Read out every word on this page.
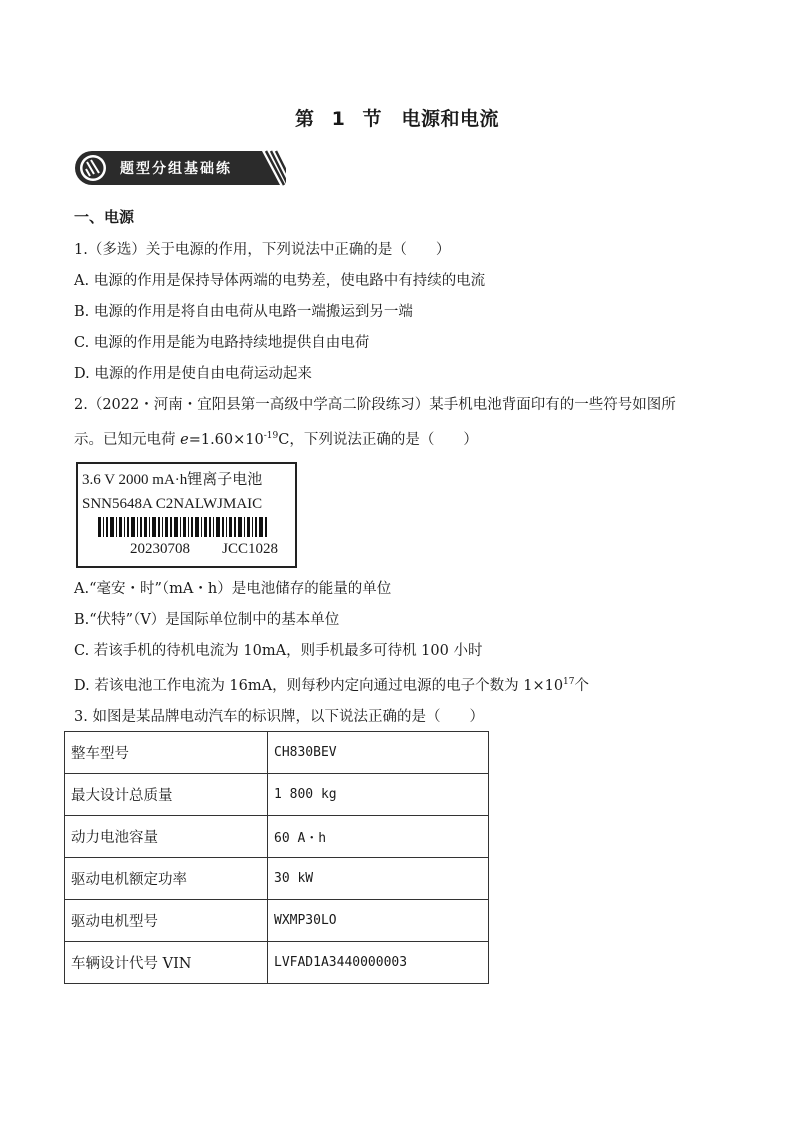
第 1 节　电源和电流
题型分组基础练
一、电源
1.（多选）关于电源的作用，下列说法中正确的是（　　）
A. 电源的作用是保持导体两端的电势差，使电路中有持续的电流
B. 电源的作用是将自由电荷从电路一端搬运到另一端
C. 电源的作用是能为电路持续地提供自由电荷
D. 电源的作用是使自由电荷运动起来
2.（2022・河南・宜阳县第一高级中学高二阶段练习）某手机电池背面印有的一些符号如图所
示。已知元电荷 $e=1.60\times 10^{-19}C$，下列说法正确的是（　　）
3.6 V 2000 mA·h锂离子电池
SNN5648A C2NALWJMAIC
20230708 JCC1028
A.“毫安・时”（mA・h）是电池储存的能量的单位
B.“伏特”（V）是国际单位制中的基本单位
C. 若该手机的待机电流为 10mA，则手机最多可待机 100 小时
D. 若该电池工作电流为 16mA，则每秒内定向通过电源的电子个数为 $1\times 10^{17}$个
3. 如图是某品牌电动汽车的标识牌，以下说法正确的是（　　）
整车型号	CH830BEV
最大设计总质量	1 800 kg
动力电池容量	60 A・h
驱动电机额定功率	30 kW
驱动电机型号	WXMP30LO
车辆设计代号 VIN	LVFAD1A3440000003
